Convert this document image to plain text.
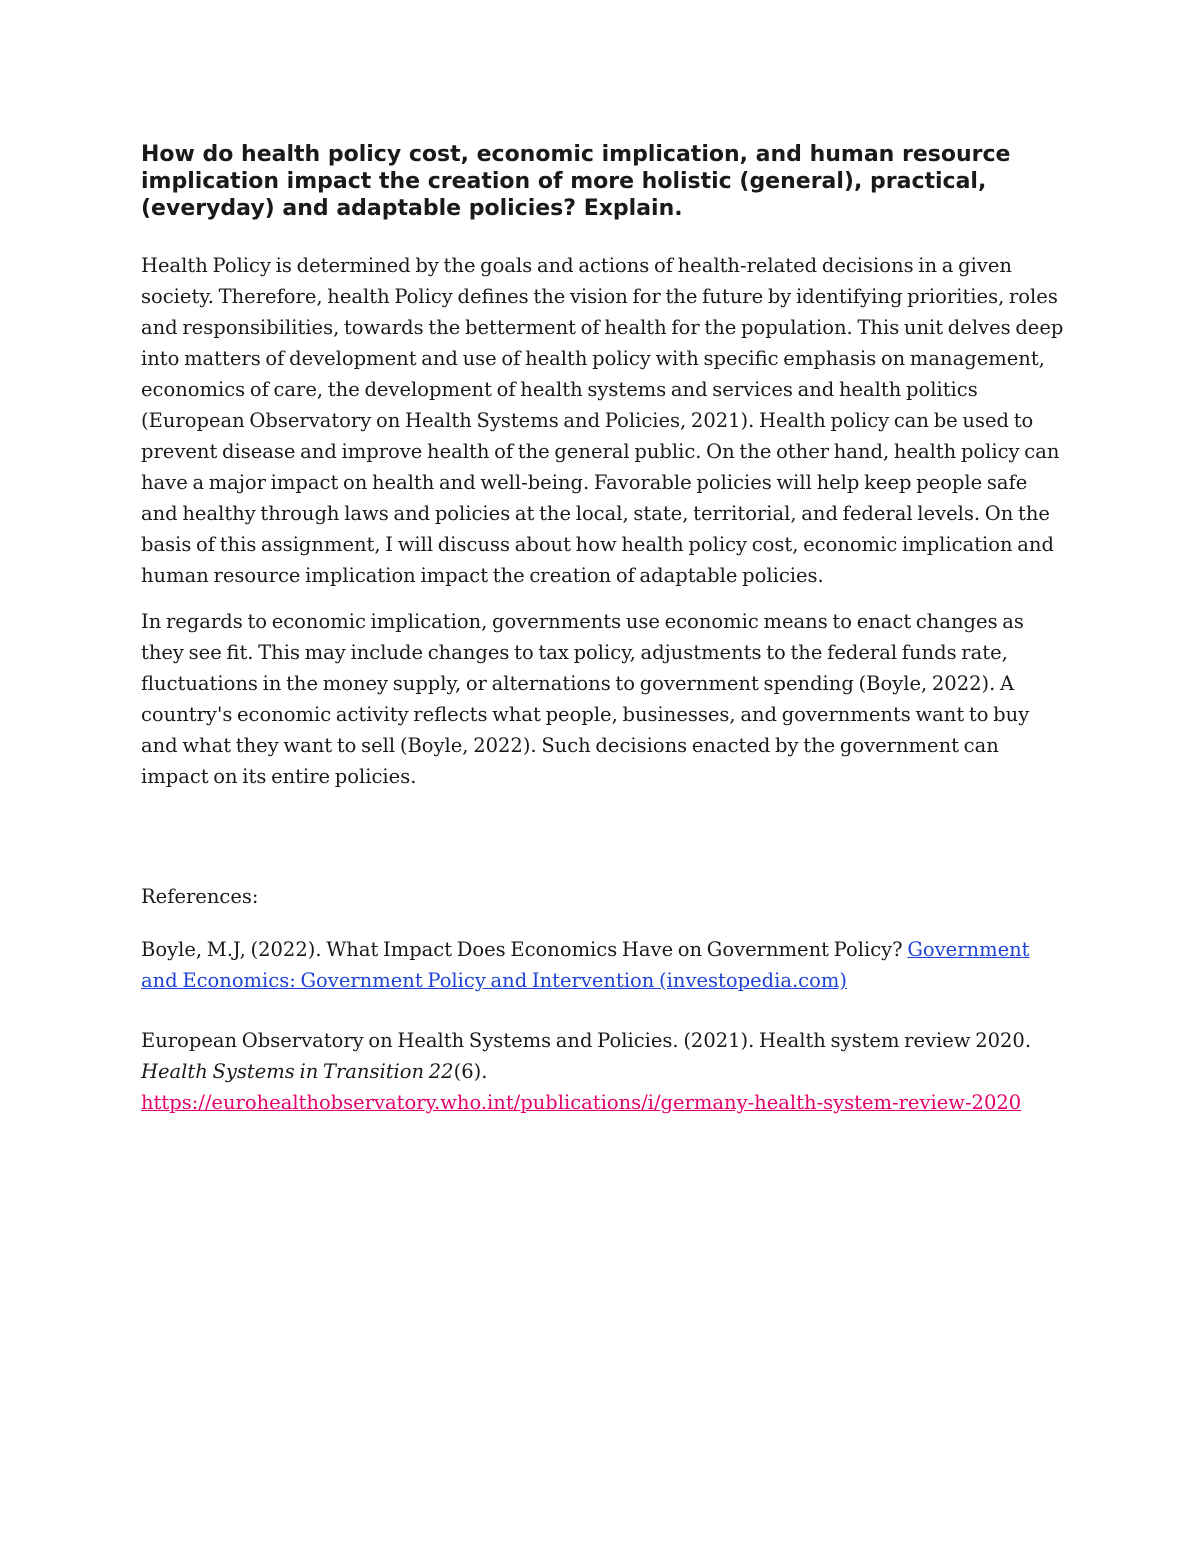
How do health policy cost, economic implication, and human resource implication impact the creation of more holistic (general), practical, (everyday) and adaptable policies? Explain.

Health Policy is determined by the goals and actions of health-related decisions in a given society. Therefore, health Policy defines the vision for the future by identifying priorities, roles and responsibilities, towards the betterment of health for the population. This unit delves deep into matters of development and use of health policy with specific emphasis on management, economics of care, the development of health systems and services and health politics (European Observatory on Health Systems and Policies, 2021). Health policy can be used to prevent disease and improve health of the general public. On the other hand, health policy can have a major impact on health and well-being. Favorable policies will help keep people safe and healthy through laws and policies at the local, state, territorial, and federal levels. On the basis of this assignment, I will discuss about how health policy cost, economic implication and human resource implication impact the creation of adaptable policies.

In regards to economic implication, governments use economic means to enact changes as they see fit. This may include changes to tax policy, adjustments to the federal funds rate, fluctuations in the money supply, or alternations to government spending (Boyle, 2022). A country's economic activity reflects what people, businesses, and governments want to buy and what they want to sell (Boyle, 2022). Such decisions enacted by the government can impact on its entire policies.

References:

Boyle, M.J, (2022). What Impact Does Economics Have on Government Policy? Government and Economics: Government Policy and Intervention (investopedia.com)

European Observatory on Health Systems and Policies. (2021). Health system review 2020. Health Systems in Transition 22(6). https://eurohealthobservatory.who.int/publications/i/germany-health-system-review-2020
